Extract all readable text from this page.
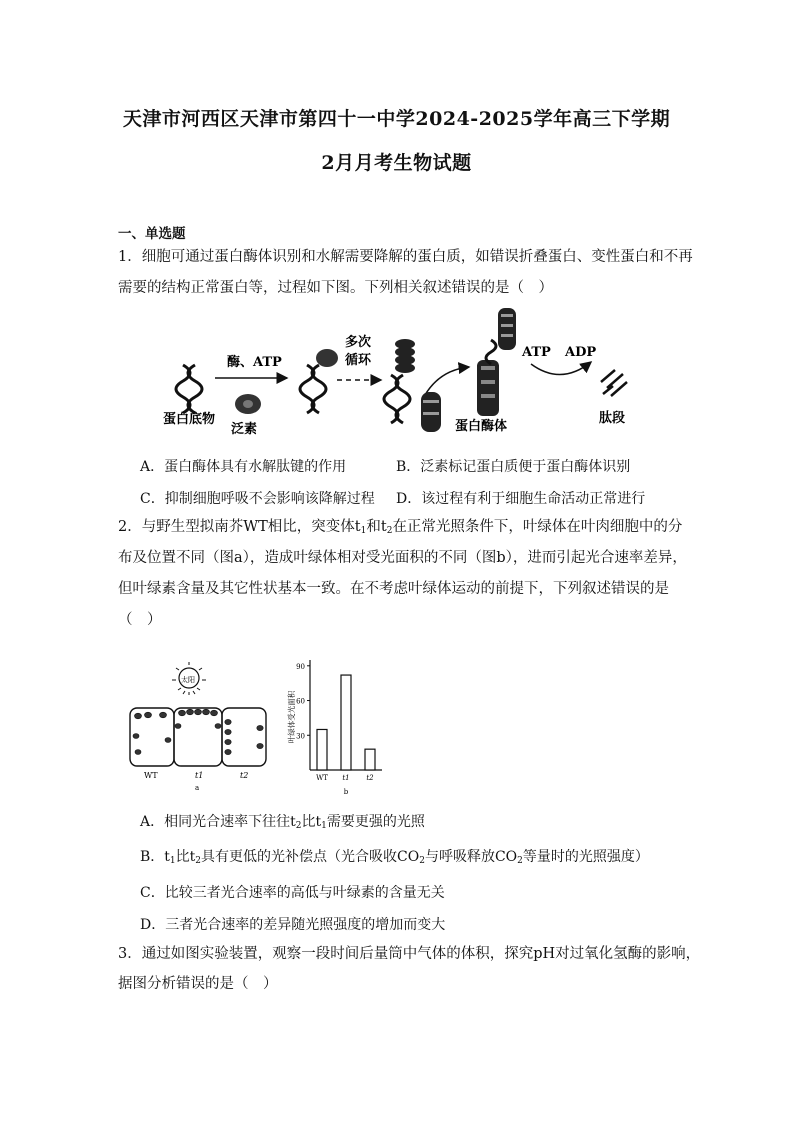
天津市河西区天津市第四十一中学2024-2025学年高三下学期
2月月考生物试题
一、单选题
1．细胞可通过蛋白酶体识别和水解需要降解的蛋白质，如错误折叠蛋白、变性蛋白和不再
需要的结构正常蛋白等，过程如下图。下列相关叙述错误的是（　）
蛋白底物
泛素
酶、ATP
多次
循环
蛋白酶体
ATP ADP
肽段
A．蛋白酶体具有水解肽键的作用	B．泛素标记蛋白质便于蛋白酶体识别
C．抑制细胞呼吸不会影响该降解过程 D．该过程有利于细胞生命活动正常进行
2．与野生型拟南芥WT相比，突变体$t_1$和$t_2$在正常光照条件下，叶绿体在叶肉细胞中的分
布及位置不同（图a），造成叶绿体相对受光面积的不同（图b），进而引起光合速率差异，
但叶绿素含量及其它性状基本一致。在不考虑叶绿体运动的前提下，下列叙述错误的是
（　）
太阳
WT	t1	t2
a
90
60
30
WT t1 t2
叶绿体受光面积
b
A．相同光合速率下往往$t_2$比$t_1$需要更强的光照
B．$t_1$比$t_2$具有更低的光补偿点（光合吸收$CO_2$与呼吸释放$CO_2$等量时的光照强度）
C．比较三者光合速率的高低与叶绿素的含量无关
D．三者光合速率的差异随光照强度的增加而变大
3．通过如图实验装置，观察一段时间后量筒中气体的体积，探究pH对过氧化氢酶的影响，
据图分析错误的是（　）
